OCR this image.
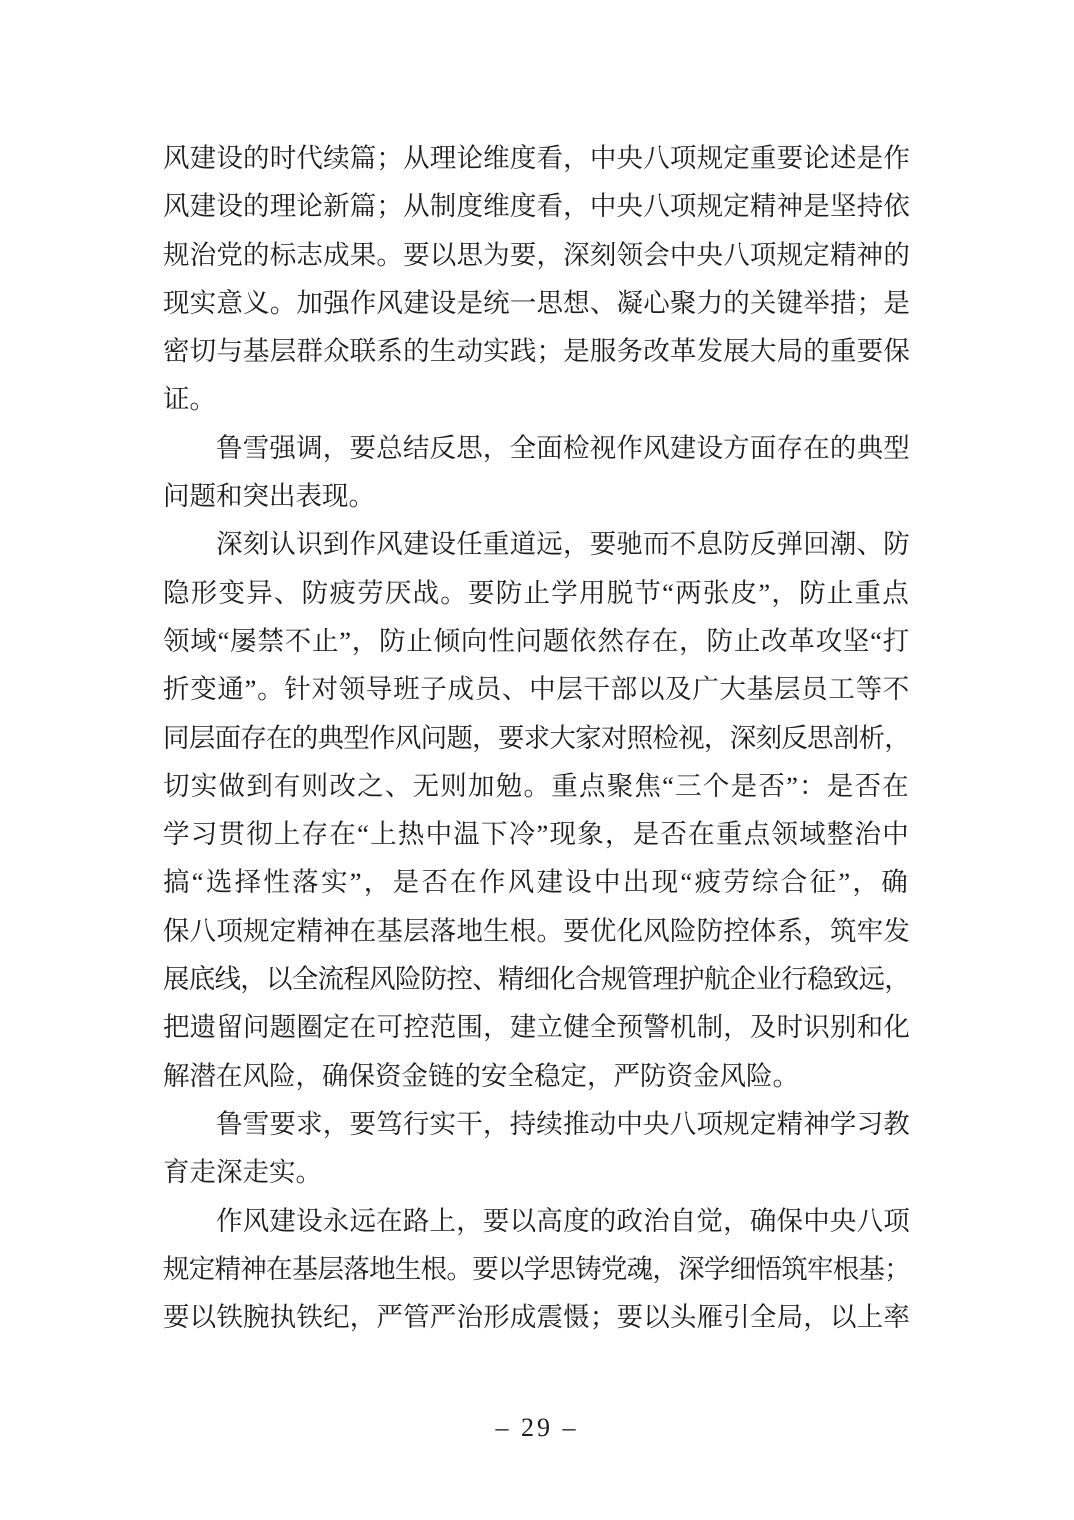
风建设的时代续篇；从理论维度看，中央八项规定重要论述是作
风建设的理论新篇；从制度维度看，中央八项规定精神是坚持依
规治党的标志成果。要以思为要，深刻领会中央八项规定精神的
现实意义。加强作风建设是统一思想、凝心聚力的关键举措；是
密切与基层群众联系的生动实践；是服务改革发展大局的重要保
证。
鲁雪强调，要总结反思，全面检视作风建设方面存在的典型
问题和突出表现。
深刻认识到作风建设任重道远，要驰而不息防反弹回潮、防
隐形变异、防疲劳厌战。要防止学用脱节“两张皮”，防止重点
领域“屡禁不止”，防止倾向性问题依然存在，防止改革攻坚“打
折变通”。针对领导班子成员、中层干部以及广大基层员工等不
同层面存在的典型作风问题，要求大家对照检视，深刻反思剖析，
切实做到有则改之、无则加勉。重点聚焦“三个是否”：是否在
学习贯彻上存在“上热中温下冷”现象，是否在重点领域整治中
搞“选择性落实”，是否在作风建设中出现“疲劳综合征”，确
保八项规定精神在基层落地生根。要优化风险防控体系，筑牢发
展底线，以全流程风险防控、精细化合规管理护航企业行稳致远，
把遗留问题圈定在可控范围，建立健全预警机制，及时识别和化
解潜在风险，确保资金链的安全稳定，严防资金风险。
鲁雪要求，要笃行实干，持续推动中央八项规定精神学习教
育走深走实。
作风建设永远在路上，要以高度的政治自觉，确保中央八项
规定精神在基层落地生根。要以学思铸党魂，深学细悟筑牢根基；
要以铁腕执铁纪，严管严治形成震慑；要以头雁引全局，以上率
– 29 –
